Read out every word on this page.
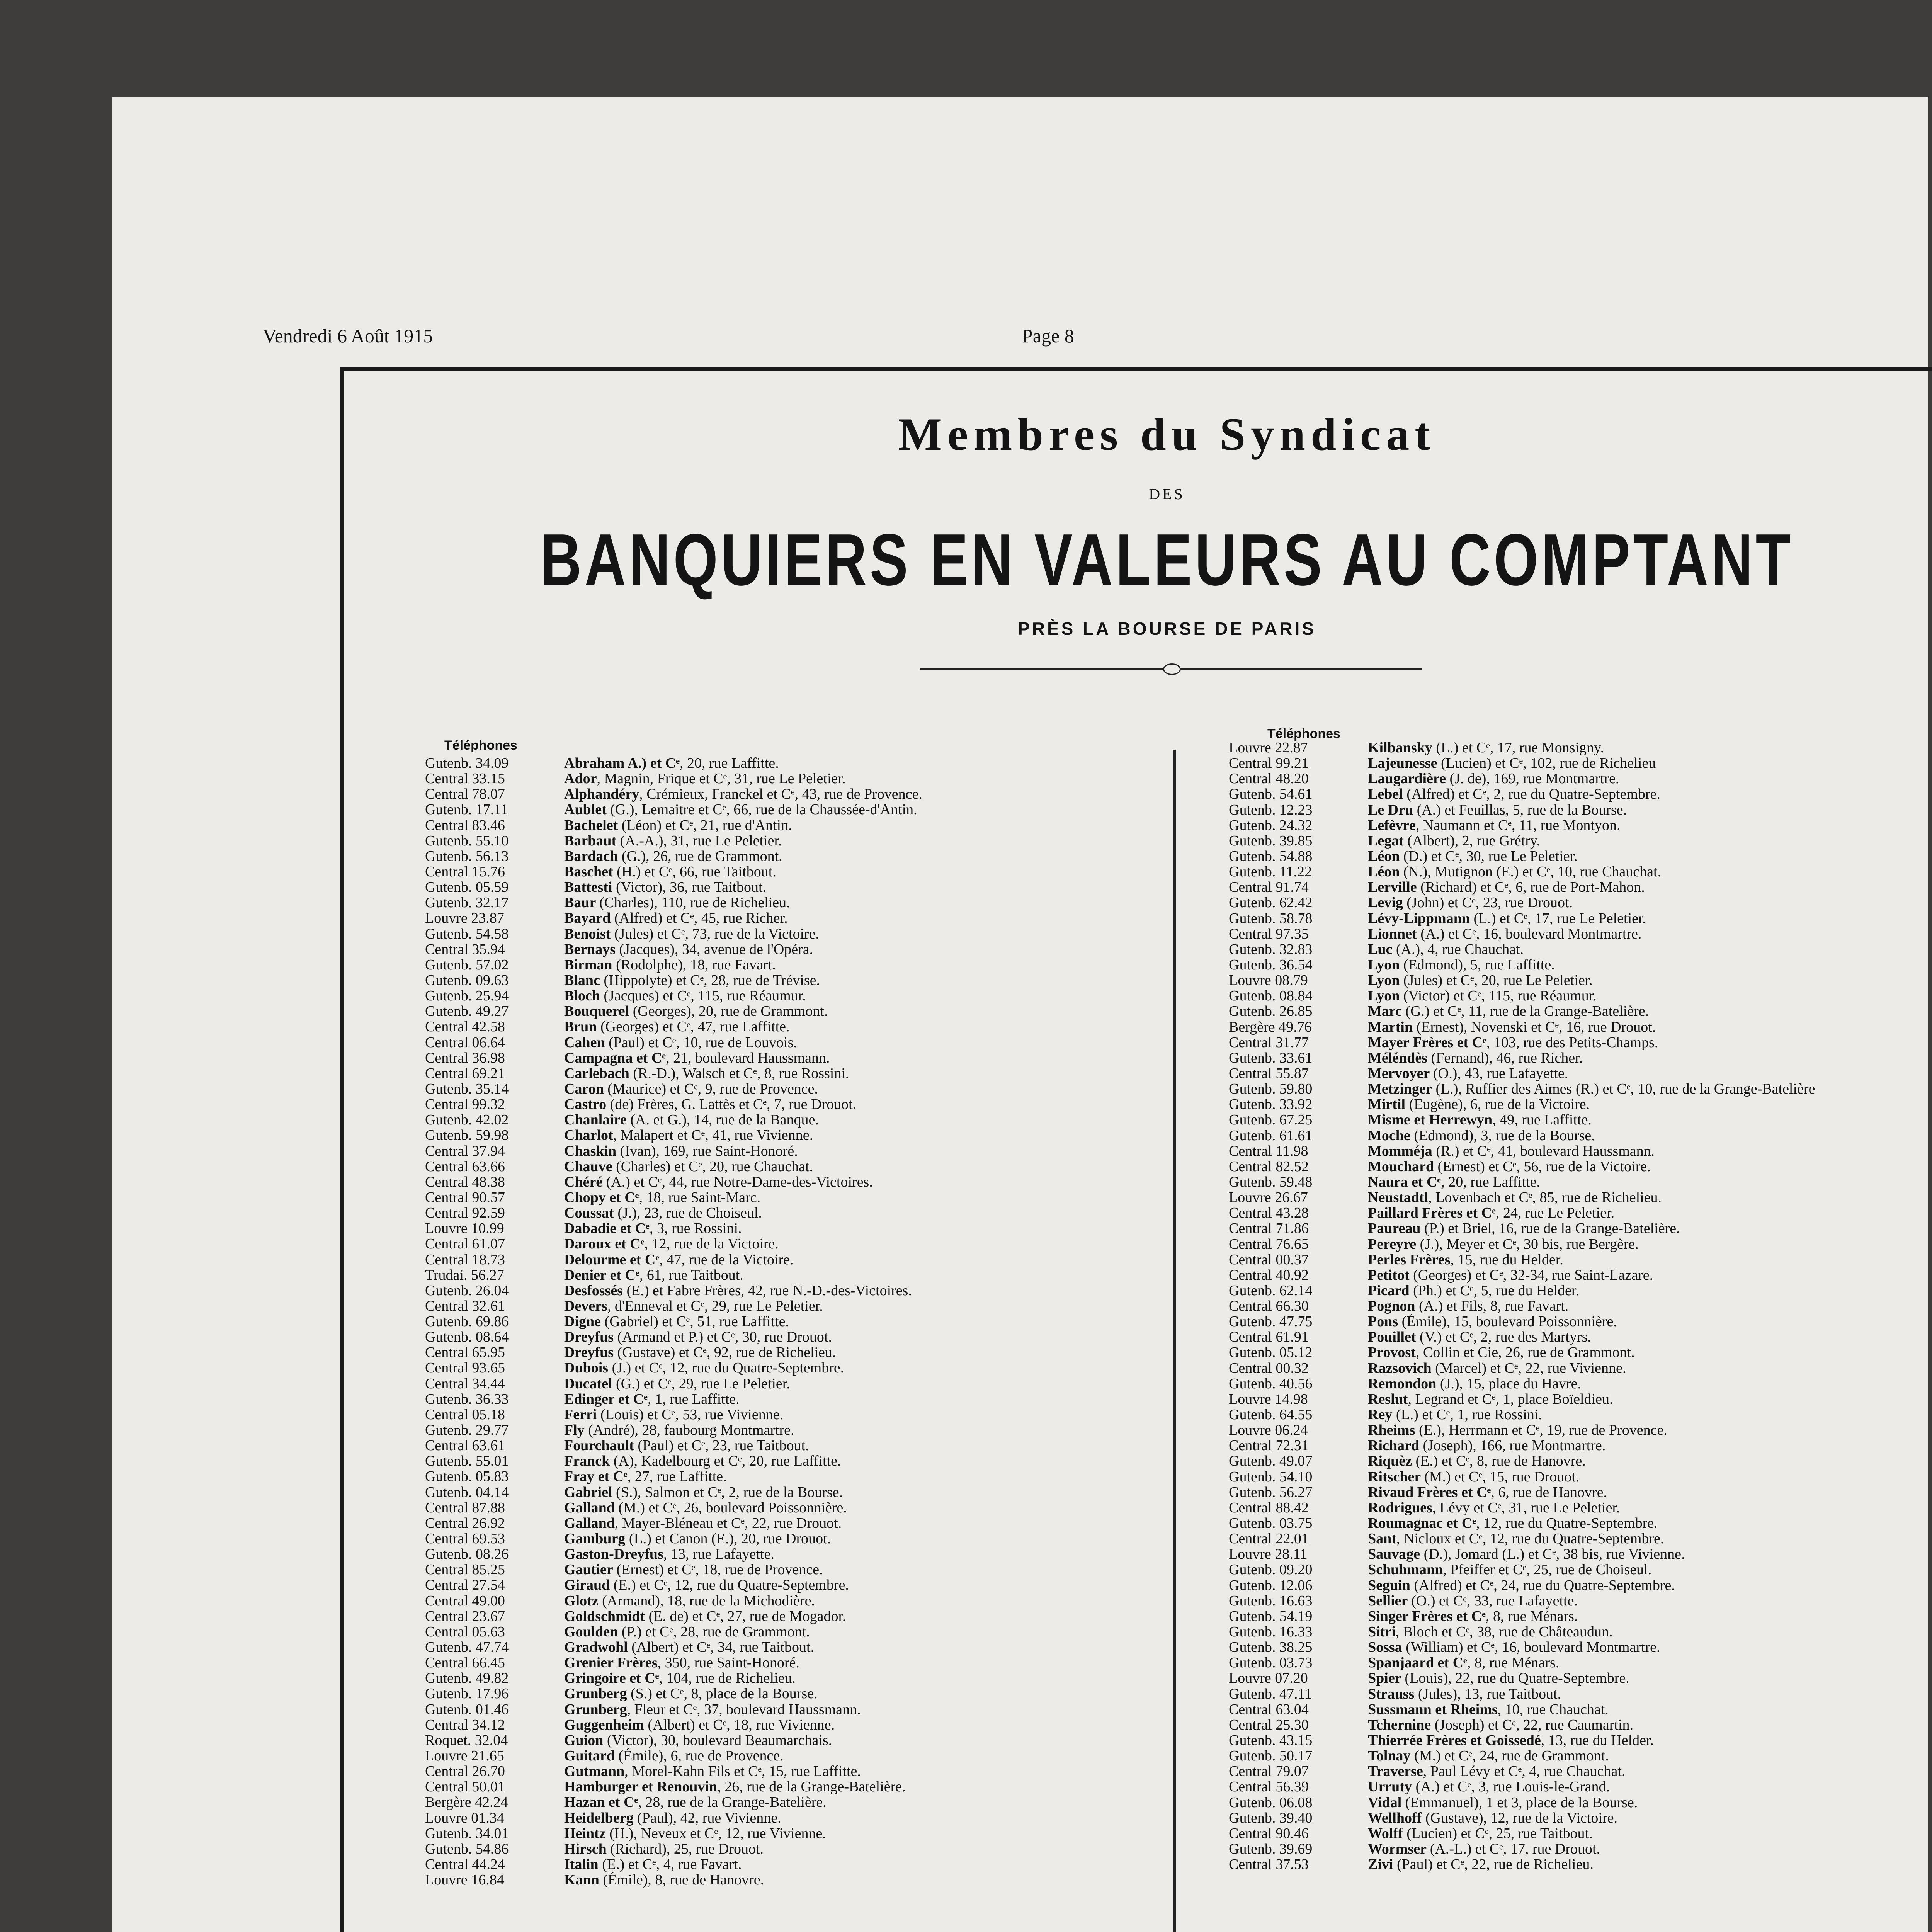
Vendredi 6 Août 1915	Page 8
Membres du Syndicat
DES
BANQUIERS EN VALEURS AU COMPTANT
PRÈS LA BOURSE DE PARIS
Téléphones
Téléphones
Gutenb. 34.09	Abraham A.) et Cᵉ, 20, rue Laffitte.
Central 33.15	Ador, Magnin, Frique et Cᵉ, 31, rue Le Peletier.
Central 78.07	Alphandéry, Crémieux, Franckel et Cᵉ, 43, rue de Provence.
Gutenb. 17.11	Aublet (G.), Lemaitre et Cᵉ, 66, rue de la Chaussée-d'Antin.
Central 83.46	Bachelet (Léon) et Cᵉ, 21, rue d'Antin.
Gutenb. 55.10	Barbaut (A.-A.), 31, rue Le Peletier.
Gutenb. 56.13	Bardach (G.), 26, rue de Grammont.
Central 15.76	Baschet (H.) et Cᵉ, 66, rue Taitbout.
Gutenb. 05.59	Battesti (Victor), 36, rue Taitbout.
Gutenb. 32.17	Baur (Charles), 110, rue de Richelieu.
Louvre 23.87	Bayard (Alfred) et Cᵉ, 45, rue Richer.
Gutenb. 54.58	Benoist (Jules) et Cᵉ, 73, rue de la Victoire.
Central 35.94	Bernays (Jacques), 34, avenue de l'Opéra.
Gutenb. 57.02	Birman (Rodolphe), 18, rue Favart.
Gutenb. 09.63	Blanc (Hippolyte) et Cᵉ, 28, rue de Trévise.
Gutenb. 25.94	Bloch (Jacques) et Cᵉ, 115, rue Réaumur.
Gutenb. 49.27	Bouquerel (Georges), 20, rue de Grammont.
Central 42.58	Brun (Georges) et Cᵉ, 47, rue Laffitte.
Central 06.64	Cahen (Paul) et Cᵉ, 10, rue de Louvois.
Central 36.98	Campagna et Cᵉ, 21, boulevard Haussmann.
Central 69.21	Carlebach (R.-D.), Walsch et Cᵉ, 8, rue Rossini.
Gutenb. 35.14	Caron (Maurice) et Cᵉ, 9, rue de Provence.
Central 99.32	Castro (de) Frères, G. Lattès et Cᵉ, 7, rue Drouot.
Gutenb. 42.02	Chanlaire (A. et G.), 14, rue de la Banque.
Gutenb. 59.98	Charlot, Malapert et Cᵉ, 41, rue Vivienne.
Central 37.94	Chaskin (Ivan), 169, rue Saint-Honoré.
Central 63.66	Chauve (Charles) et Cᵉ, 20, rue Chauchat.
Central 48.38	Chéré (A.) et Cᵉ, 44, rue Notre-Dame-des-Victoires.
Central 90.57	Chopy et Cᵉ, 18, rue Saint-Marc.
Central 92.59	Coussat (J.), 23, rue de Choiseul.
Louvre 10.99	Dabadie et Cᵉ, 3, rue Rossini.
Central 61.07	Daroux et Cᵉ, 12, rue de la Victoire.
Central 18.73	Delourme et Cᵉ, 47, rue de la Victoire.
Trudai. 56.27	Denier et Cᵉ, 61, rue Taitbout.
Gutenb. 26.04	Desfossés (E.) et Fabre Frères, 42, rue N.-D.-des-Victoires.
Central 32.61	Devers, d'Enneval et Cᵉ, 29, rue Le Peletier.
Gutenb. 69.86	Digne (Gabriel) et Cᵉ, 51, rue Laffitte.
Gutenb. 08.64	Dreyfus (Armand et P.) et Cᵉ, 30, rue Drouot.
Central 65.95	Dreyfus (Gustave) et Cᵉ, 92, rue de Richelieu.
Central 93.65	Dubois (J.) et Cᵉ, 12, rue du Quatre-Septembre.
Central 34.44	Ducatel (G.) et Cᵉ, 29, rue Le Peletier.
Gutenb. 36.33	Edinger et Cᵉ, 1, rue Laffitte.
Central 05.18	Ferri (Louis) et Cᵉ, 53, rue Vivienne.
Gutenb. 29.77	Fly (André), 28, faubourg Montmartre.
Central 63.61	Fourchault (Paul) et Cᵉ, 23, rue Taitbout.
Gutenb. 55.01	Franck (A), Kadelbourg et Cᵉ, 20, rue Laffitte.
Gutenb. 05.83	Fray et Cᵉ, 27, rue Laffitte.
Gutenb. 04.14	Gabriel (S.), Salmon et Cᵉ, 2, rue de la Bourse.
Central 87.88	Galland (M.) et Cᵉ, 26, boulevard Poissonnière.
Central 26.92	Galland, Mayer-Bléneau et Cᵉ, 22, rue Drouot.
Central 69.53	Gamburg (L.) et Canon (E.), 20, rue Drouot.
Gutenb. 08.26	Gaston-Dreyfus, 13, rue Lafayette.
Central 85.25	Gautier (Ernest) et Cᵉ, 18, rue de Provence.
Central 27.54	Giraud (E.) et Cᵉ, 12, rue du Quatre-Septembre.
Central 49.00	Glotz (Armand), 18, rue de la Michodière.
Central 23.67	Goldschmidt (E. de) et Cᵉ, 27, rue de Mogador.
Central 05.63	Goulden (P.) et Cᵉ, 28, rue de Grammont.
Gutenb. 47.74	Gradwohl (Albert) et Cᵉ, 34, rue Taitbout.
Central 66.45	Grenier Frères, 350, rue Saint-Honoré.
Gutenb. 49.82	Gringoire et Cᵉ, 104, rue de Richelieu.
Gutenb. 17.96	Grunberg (S.) et Cᵉ, 8, place de la Bourse.
Gutenb. 01.46	Grunberg, Fleur et Cᵉ, 37, boulevard Haussmann.
Central 34.12	Guggenheim (Albert) et Cᵉ, 18, rue Vivienne.
Roquet. 32.04	Guion (Victor), 30, boulevard Beaumarchais.
Louvre 21.65	Guitard (Émile), 6, rue de Provence.
Central 26.70	Gutmann, Morel-Kahn Fils et Cᵉ, 15, rue Laffitte.
Central 50.01	Hamburger et Renouvin, 26, rue de la Grange-Batelière.
Bergère 42.24	Hazan et Cᵉ, 28, rue de la Grange-Batelière.
Louvre 01.34	Heidelberg (Paul), 42, rue Vivienne.
Gutenb. 34.01	Heintz (H.), Neveux et Cᵉ, 12, rue Vivienne.
Gutenb. 54.86	Hirsch (Richard), 25, rue Drouot.
Central 44.24	Italin (E.) et Cᵉ, 4, rue Favart.
Louvre 16.84	Kann (Émile), 8, rue de Hanovre.
Louvre 22.87	Kilbansky (L.) et Cᵉ, 17, rue Monsigny.
Central 99.21	Lajeunesse (Lucien) et Cᵉ, 102, rue de Richelieu
Central 48.20	Laugardière (J. de), 169, rue Montmartre.
Gutenb. 54.61	Lebel (Alfred) et Cᵉ, 2, rue du Quatre-Septembre.
Gutenb. 12.23	Le Dru (A.) et Feuillas, 5, rue de la Bourse.
Gutenb. 24.32	Lefèvre, Naumann et Cᵉ, 11, rue Montyon.
Gutenb. 39.85	Legat (Albert), 2, rue Grétry.
Gutenb. 54.88	Léon (D.) et Cᵉ, 30, rue Le Peletier.
Gutenb. 11.22	Léon (N.), Mutignon (E.) et Cᵉ, 10, rue Chauchat.
Central 91.74	Lerville (Richard) et Cᵉ, 6, rue de Port-Mahon.
Gutenb. 62.42	Levig (John) et Cᵉ, 23, rue Drouot.
Gutenb. 58.78	Lévy-Lippmann (L.) et Cᵉ, 17, rue Le Peletier.
Central 97.35	Lionnet (A.) et Cᵉ, 16, boulevard Montmartre.
Gutenb. 32.83	Luc (A.), 4, rue Chauchat.
Gutenb. 36.54	Lyon (Edmond), 5, rue Laffitte.
Louvre 08.79	Lyon (Jules) et Cᵉ, 20, rue Le Peletier.
Gutenb. 08.84	Lyon (Victor) et Cᵉ, 115, rue Réaumur.
Gutenb. 26.85	Marc (G.) et Cᵉ, 11, rue de la Grange-Batelière.
Bergère 49.76	Martin (Ernest), Novenski et Cᵉ, 16, rue Drouot.
Central 31.77	Mayer Frères et Cᵉ, 103, rue des Petits-Champs.
Gutenb. 33.61	Méléndès (Fernand), 46, rue Richer.
Central 55.87	Mervoyer (O.), 43, rue Lafayette.
Gutenb. 59.80	Metzinger (L.), Ruffier des Aimes (R.) et Cᵉ, 10, rue de la Grange-Batelière
Gutenb. 33.92	Mirtil (Eugène), 6, rue de la Victoire.
Gutenb. 67.25	Misme et Herrewyn, 49, rue Laffitte.
Gutenb. 61.61	Moche (Edmond), 3, rue de la Bourse.
Central 11.98	Momméja (R.) et Cᵉ, 41, boulevard Haussmann.
Central 82.52	Mouchard (Ernest) et Cᵉ, 56, rue de la Victoire.
Gutenb. 59.48	Naura et Cᵉ, 20, rue Laffitte.
Louvre 26.67	Neustadtl, Lovenbach et Cᵉ, 85, rue de Richelieu.
Central 43.28	Paillard Frères et Cᵉ, 24, rue Le Peletier.
Central 71.86	Paureau (P.) et Briel, 16, rue de la Grange-Batelière.
Central 76.65	Pereyre (J.), Meyer et Cᵉ, 30 bis, rue Bergère.
Central 00.37	Perles Frères, 15, rue du Helder.
Central 40.92	Petitot (Georges) et Cᵉ, 32-34, rue Saint-Lazare.
Gutenb. 62.14	Picard (Ph.) et Cᵉ, 5, rue du Helder.
Central 66.30	Pognon (A.) et Fils, 8, rue Favart.
Gutenb. 47.75	Pons (Émile), 15, boulevard Poissonnière.
Central 61.91	Pouillet (V.) et Cᵉ, 2, rue des Martyrs.
Gutenb. 05.12	Provost, Collin et Cie, 26, rue de Grammont.
Central 00.32	Razsovich (Marcel) et Cᵉ, 22, rue Vivienne.
Gutenb. 40.56	Remondon (J.), 15, place du Havre.
Louvre 14.98	Reslut, Legrand et Cᵉ, 1, place Boïeldieu.
Gutenb. 64.55	Rey (L.) et Cᵉ, 1, rue Rossini.
Louvre 06.24	Rheims (E.), Herrmann et Cᵉ, 19, rue de Provence.
Central 72.31	Richard (Joseph), 166, rue Montmartre.
Gutenb. 49.07	Riquèz (E.) et Cᵉ, 8, rue de Hanovre.
Gutenb. 54.10	Ritscher (M.) et Cᵉ, 15, rue Drouot.
Gutenb. 56.27	Rivaud Frères et Cᵉ, 6, rue de Hanovre.
Central 88.42	Rodrigues, Lévy et Cᵉ, 31, rue Le Peletier.
Gutenb. 03.75	Roumagnac et Cᵉ, 12, rue du Quatre-Septembre.
Central 22.01	Sant, Nicloux et Cᵉ, 12, rue du Quatre-Septembre.
Louvre 28.11	Sauvage (D.), Jomard (L.) et Cᵉ, 38 bis, rue Vivienne.
Gutenb. 09.20	Schuhmann, Pfeiffer et Cᵉ, 25, rue de Choiseul.
Gutenb. 12.06	Seguin (Alfred) et Cᵉ, 24, rue du Quatre-Septembre.
Gutenb. 16.63	Sellier (O.) et Cᵉ, 33, rue Lafayette.
Gutenb. 54.19	Singer Frères et Cᵉ, 8, rue Ménars.
Gutenb. 16.33	Sitri, Bloch et Cᵉ, 38, rue de Châteaudun.
Gutenb. 38.25	Sossa (William) et Cᵉ, 16, boulevard Montmartre.
Gutenb. 03.73	Spanjaard et Cᵉ, 8, rue Ménars.
Louvre 07.20	Spier (Louis), 22, rue du Quatre-Septembre.
Gutenb. 47.11	Strauss (Jules), 13, rue Taitbout.
Central 63.04	Sussmann et Rheims, 10, rue Chauchat.
Central 25.30	Tchernine (Joseph) et Cᵉ, 22, rue Caumartin.
Gutenb. 43.15	Thierrée Frères et Goissedé, 13, rue du Helder.
Gutenb. 50.17	Tolnay (M.) et Cᵉ, 24, rue de Grammont.
Central 79.07	Traverse, Paul Lévy et Cᵉ, 4, rue Chauchat.
Central 56.39	Urruty (A.) et Cᵉ, 3, rue Louis-le-Grand.
Gutenb. 06.08	Vidal (Emmanuel), 1 et 3, place de la Bourse.
Gutenb. 39.40	Wellhoff (Gustave), 12, rue de la Victoire.
Central 90.46	Wolff (Lucien) et Cᵉ, 25, rue Taitbout.
Gutenb. 39.69	Wormser (A.-L.) et Cᵉ, 17, rue Drouot.
Central 37.53	Zivi (Paul) et Cᵉ, 22, rue de Richelieu.
